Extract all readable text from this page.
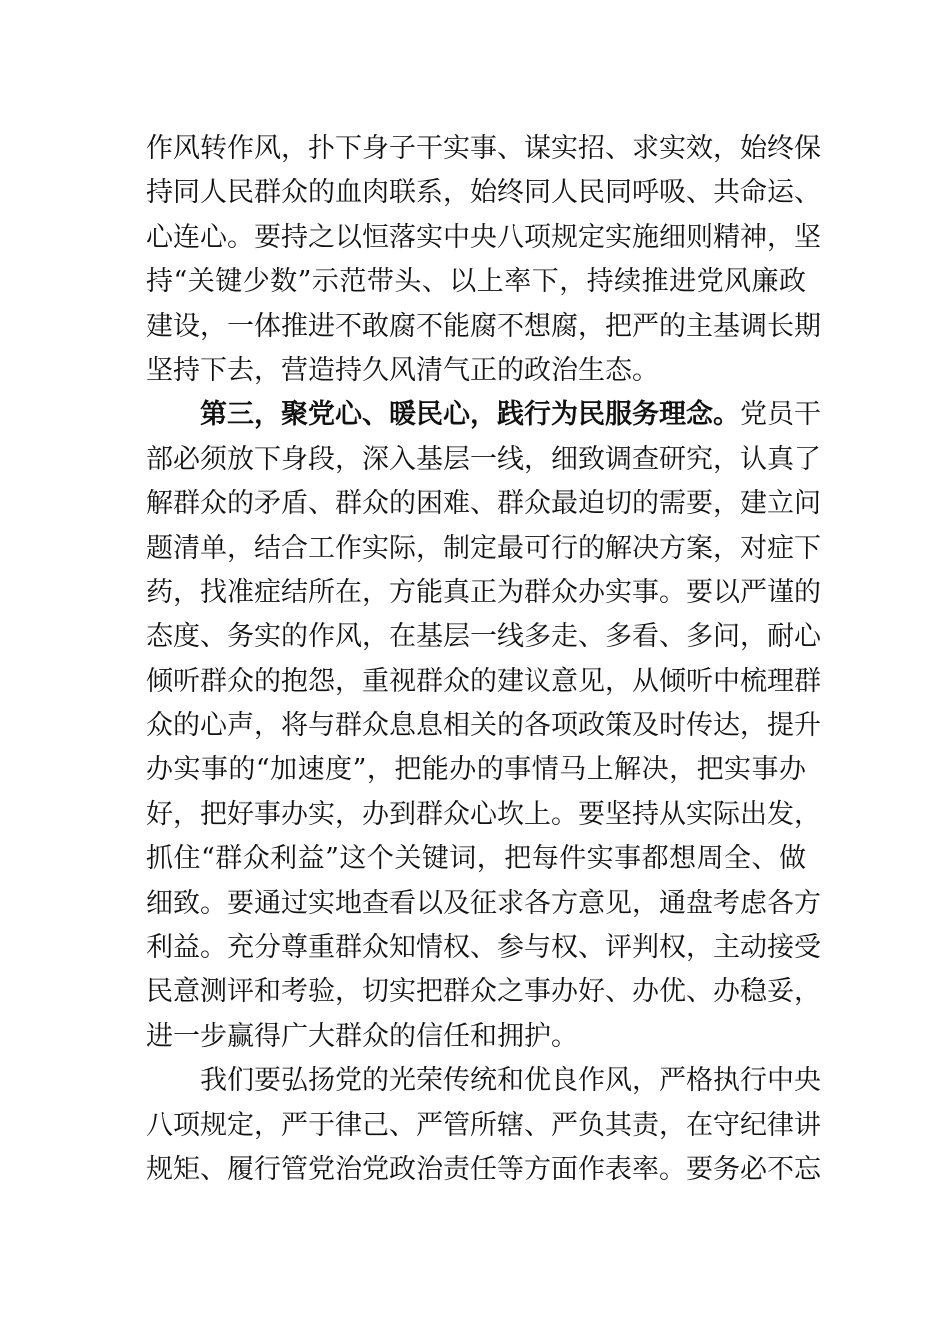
作风转作风，扑下身子干实事、谋实招、求实效，始终保
持同人民群众的血肉联系，始终同人民同呼吸、共命运、
心连心。要持之以恒落实中央八项规定实施细则精神，坚
持“关键少数”示范带头、以上率下，持续推进党风廉政
建设，一体推进不敢腐不能腐不想腐，把严的主基调长期
坚持下去，营造持久风清气正的政治生态。
第三，聚党心、暖民心，践行为民服务理念。党员干
部必须放下身段，深入基层一线，细致调查研究，认真了
解群众的矛盾、群众的困难、群众最迫切的需要，建立问
题清单，结合工作实际，制定最可行的解决方案，对症下
药，找准症结所在，方能真正为群众办实事。要以严谨的
态度、务实的作风，在基层一线多走、多看、多问，耐心
倾听群众的抱怨，重视群众的建议意见，从倾听中梳理群
众的心声，将与群众息息相关的各项政策及时传达，提升
办实事的“加速度”，把能办的事情马上解决，把实事办
好，把好事办实，办到群众心坎上。要坚持从实际出发，
抓住“群众利益”这个关键词，把每件实事都想周全、做
细致。要通过实地查看以及征求各方意见，通盘考虑各方
利益。充分尊重群众知情权、参与权、评判权，主动接受
民意测评和考验，切实把群众之事办好、办优、办稳妥，
进一步赢得广大群众的信任和拥护。
我们要弘扬党的光荣传统和优良作风，严格执行中央
八项规定，严于律己、严管所辖、严负其责，在守纪律讲
规矩、履行管党治党政治责任等方面作表率。要务必不忘
